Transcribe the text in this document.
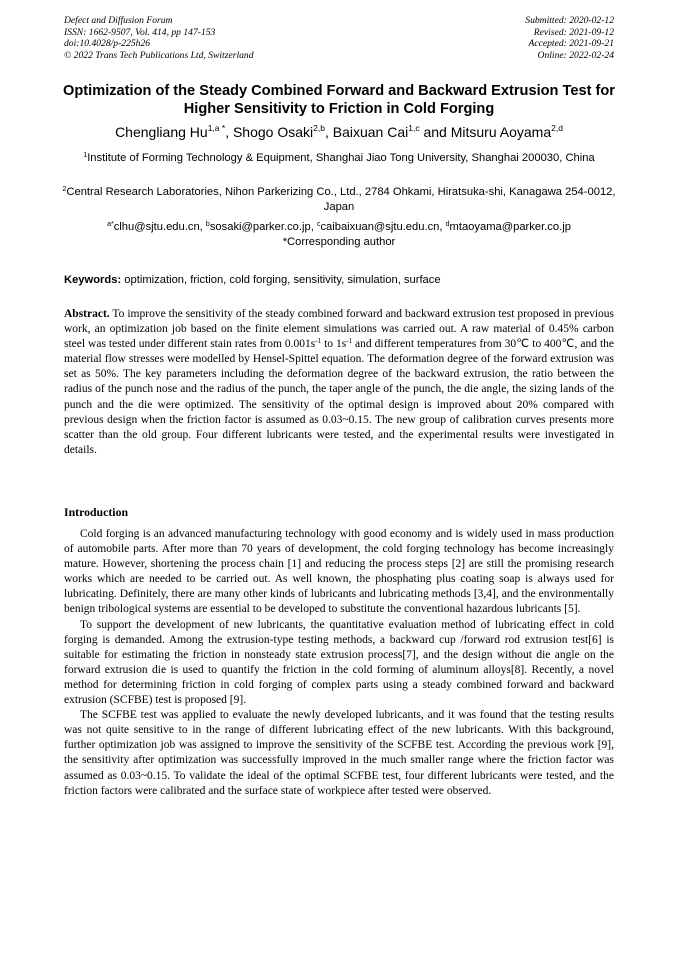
Defect and Diffusion Forum
ISSN: 1662-9507, Vol. 414, pp 147-153
doi:10.4028/p-225h26
© 2022 Trans Tech Publications Ltd, Switzerland
Submitted: 2020-02-12
Revised: 2021-09-12
Accepted: 2021-09-21
Online: 2022-02-24
Optimization of the Steady Combined Forward and Backward Extrusion Test for Higher Sensitivity to Friction in Cold Forging
Chengliang $Hu^{1,a *}$, Shogo Osaki$^{2,b}$, Baixuan Cai$^{1,c}$ and Mitsuru Aoyama$^{2,d}$
$^1$Institute of Forming Technology & Equipment, Shanghai Jiao Tong University, Shanghai 200030, China
$^2$Central Research Laboratories, Nihon Parkerizing Co., Ltd., 2784 Ohkami, Hiratsuka-shi, Kanagawa 254-0012, Japan
$^{a*}$clhu@sjtu.edu.cn, $^b$sosaki@parker.co.jp, $^c$caibaixuan@sjtu.edu.cn, $^d$mtaoyama@parker.co.jp
*Corresponding author
Keywords: optimization, friction, cold forging, sensitivity, simulation, surface
Abstract. To improve the sensitivity of the steady combined forward and backward extrusion test proposed in previous work, an optimization job based on the finite element simulations was carried out. A raw material of 0.45% carbon steel was tested under different stain rates from $0.001s^{-1}$ to $1s^{-1}$ and different temperatures from 30℃ to 400℃, and the material flow stresses were modelled by Hensel-Spittel equation. The deformation degree of the forward extrusion was set as 50%. The key parameters including the deformation degree of the backward extrusion, the ratio between the radius of the punch nose and the radius of the punch, the taper angle of the punch, the die angle, the sizing lands of the punch and the die were optimized. The sensitivity of the optimal design is improved about 20% compared with previous design when the friction factor is assumed as 0.03~0.15. The new group of calibration curves presents more scatter than the old group. Four different lubricants were tested, and the experimental results were investigated in details.
Introduction

Cold forging is an advanced manufacturing technology with good economy and is widely used in mass production of automobile parts. After more than 70 years of development, the cold forging technology has become increasingly mature. However, shortening the process chain [1] and reducing the process steps [2] are still the promising research works which are needed to be carried out. As well known, the phosphating plus coating soap is always used for lubricating. Definitely, there are many other kinds of lubricants and lubricating methods [3,4], and the environmentally benign tribological systems are essential to be developed to substitute the conventional hazardous lubricants [5].

To support the development of new lubricants, the quantitative evaluation method of lubricating effect in cold forging is demanded. Among the extrusion-type testing methods, a backward cup /forward rod extrusion test[6] is suitable for estimating the friction in nonsteady state extrusion process[7], and the design without die angle on the forward extrusion die is used to quantify the friction in the cold forming of aluminum alloys[8]. Recently, a novel method for determining friction in cold forging of complex parts using a steady combined forward and backward extrusion (SCFBE) test is proposed [9].

The SCFBE test was applied to evaluate the newly developed lubricants, and it was found that the testing results was not quite sensitive to in the range of different lubricating effect of the new lubricants. With this background, further optimization job was assigned to improve the sensitivity of the SCFBE test. According the previous work [9], the sensitivity after optimization was successfully improved in the much smaller range where the friction factor was assumed as 0.03~0.15. To validate the ideal of the optimal SCFBE test, four different lubricants were tested, and the friction factors were calibrated and the surface state of workpiece after tested were observed.
